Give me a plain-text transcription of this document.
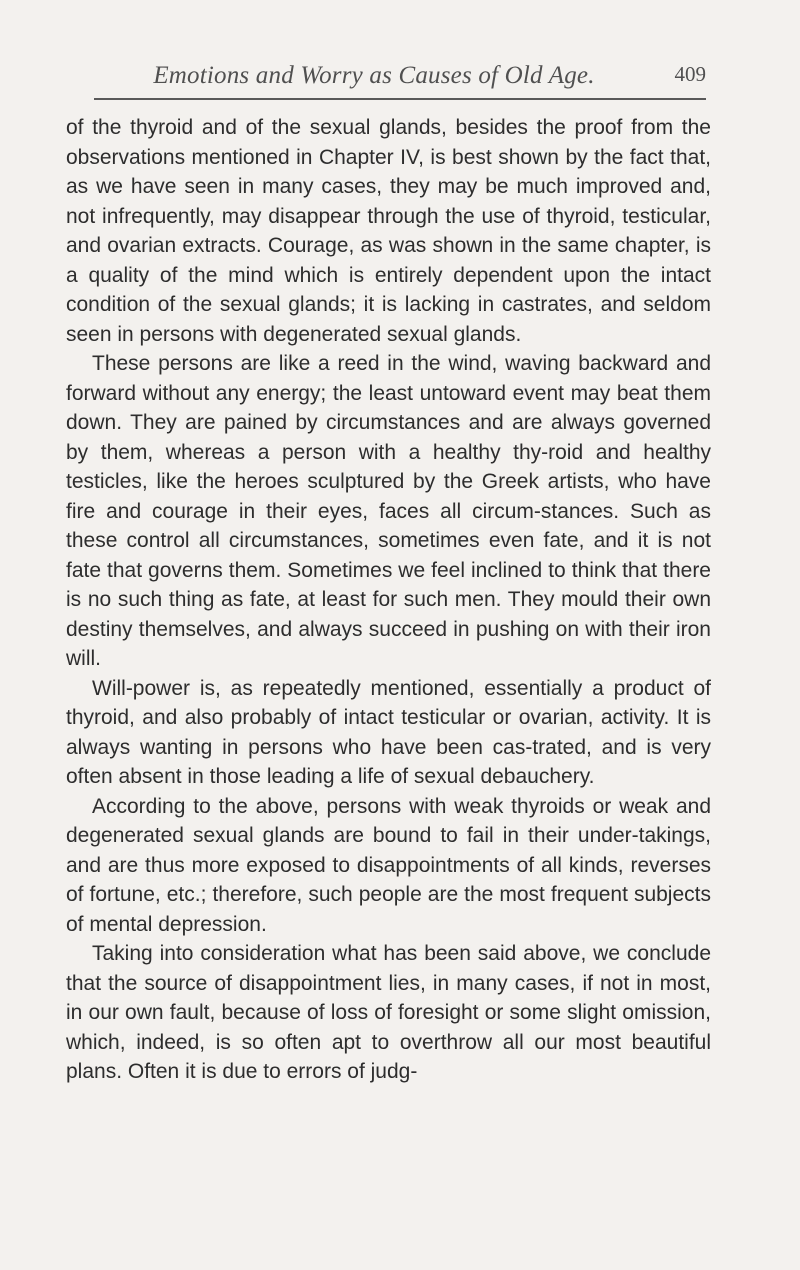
Emotions and Worry as Causes of Old Age.	409

of the thyroid and of the sexual glands, besides the proof from the observations mentioned in Chapter IV, is best shown by the fact that, as we have seen in many cases, they may be much improved and, not infrequently, may disappear through the use of thyroid, testicular, and ovarian extracts. Courage, as was shown in the same chapter, is a quality of the mind which is entirely dependent upon the intact condition of the sexual glands; it is lacking in castrates, and seldom seen in persons with degenerated sexual glands.

These persons are like a reed in the wind, waving backward and forward without any energy; the least untoward event may beat them down. They are pained by circumstances and are always governed by them, whereas a person with a healthy thy-roid and healthy testicles, like the heroes sculptured by the Greek artists, who have fire and courage in their eyes, faces all circum-stances. Such as these control all circumstances, sometimes even fate, and it is not fate that governs them. Sometimes we feel inclined to think that there is no such thing as fate, at least for such men. They mould their own destiny themselves, and always succeed in pushing on with their iron will.

Will-power is, as repeatedly mentioned, essentially a product of thyroid, and also probably of intact testicular or ovarian, activity. It is always wanting in persons who have been cas-trated, and is very often absent in those leading a life of sexual debauchery.

According to the above, persons with weak thyroids or weak and degenerated sexual glands are bound to fail in their under-takings, and are thus more exposed to disappointments of all kinds, reverses of fortune, etc.; therefore, such people are the most frequent subjects of mental depression.

Taking into consideration what has been said above, we conclude that the source of disappointment lies, in many cases, if not in most, in our own fault, because of loss of foresight or some slight omission, which, indeed, is so often apt to overthrow all our most beautiful plans. Often it is due to errors of judg-
